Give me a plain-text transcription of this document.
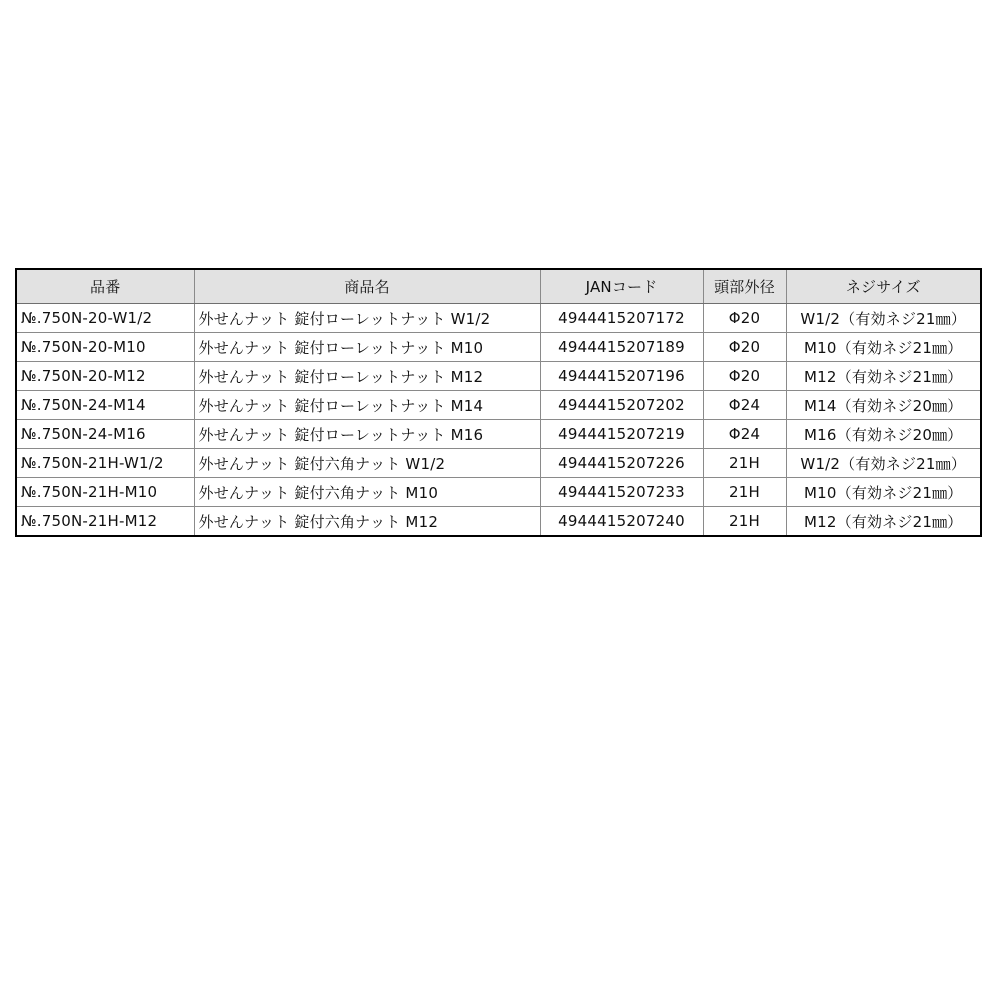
品番	商品名	JANコード	頭部外径	ネジサイズ
№.750N-20-W1/2	外せんナット 錠付ローレットナット W1/2	4944415207172	Φ20	W1/2（有効ネジ21㎜）
№.750N-20-M10	外せんナット 錠付ローレットナット M10	4944415207189	Φ20	M10（有効ネジ21㎜）
№.750N-20-M12	外せんナット 錠付ローレットナット M12	4944415207196	Φ20	M12（有効ネジ21㎜）
№.750N-24-M14	外せんナット 錠付ローレットナット M14	4944415207202	Φ24	M14（有効ネジ20㎜）
№.750N-24-M16	外せんナット 錠付ローレットナット M16	4944415207219	Φ24	M16（有効ネジ20㎜）
№.750N-21H-W1/2	外せんナット 錠付六角ナット W1/2	4944415207226	21H	W1/2（有効ネジ21㎜）
№.750N-21H-M10	外せんナット 錠付六角ナット M10	4944415207233	21H	M10（有効ネジ21㎜）
№.750N-21H-M12	外せんナット 錠付六角ナット M12	4944415207240	21H	M12（有効ネジ21㎜）
